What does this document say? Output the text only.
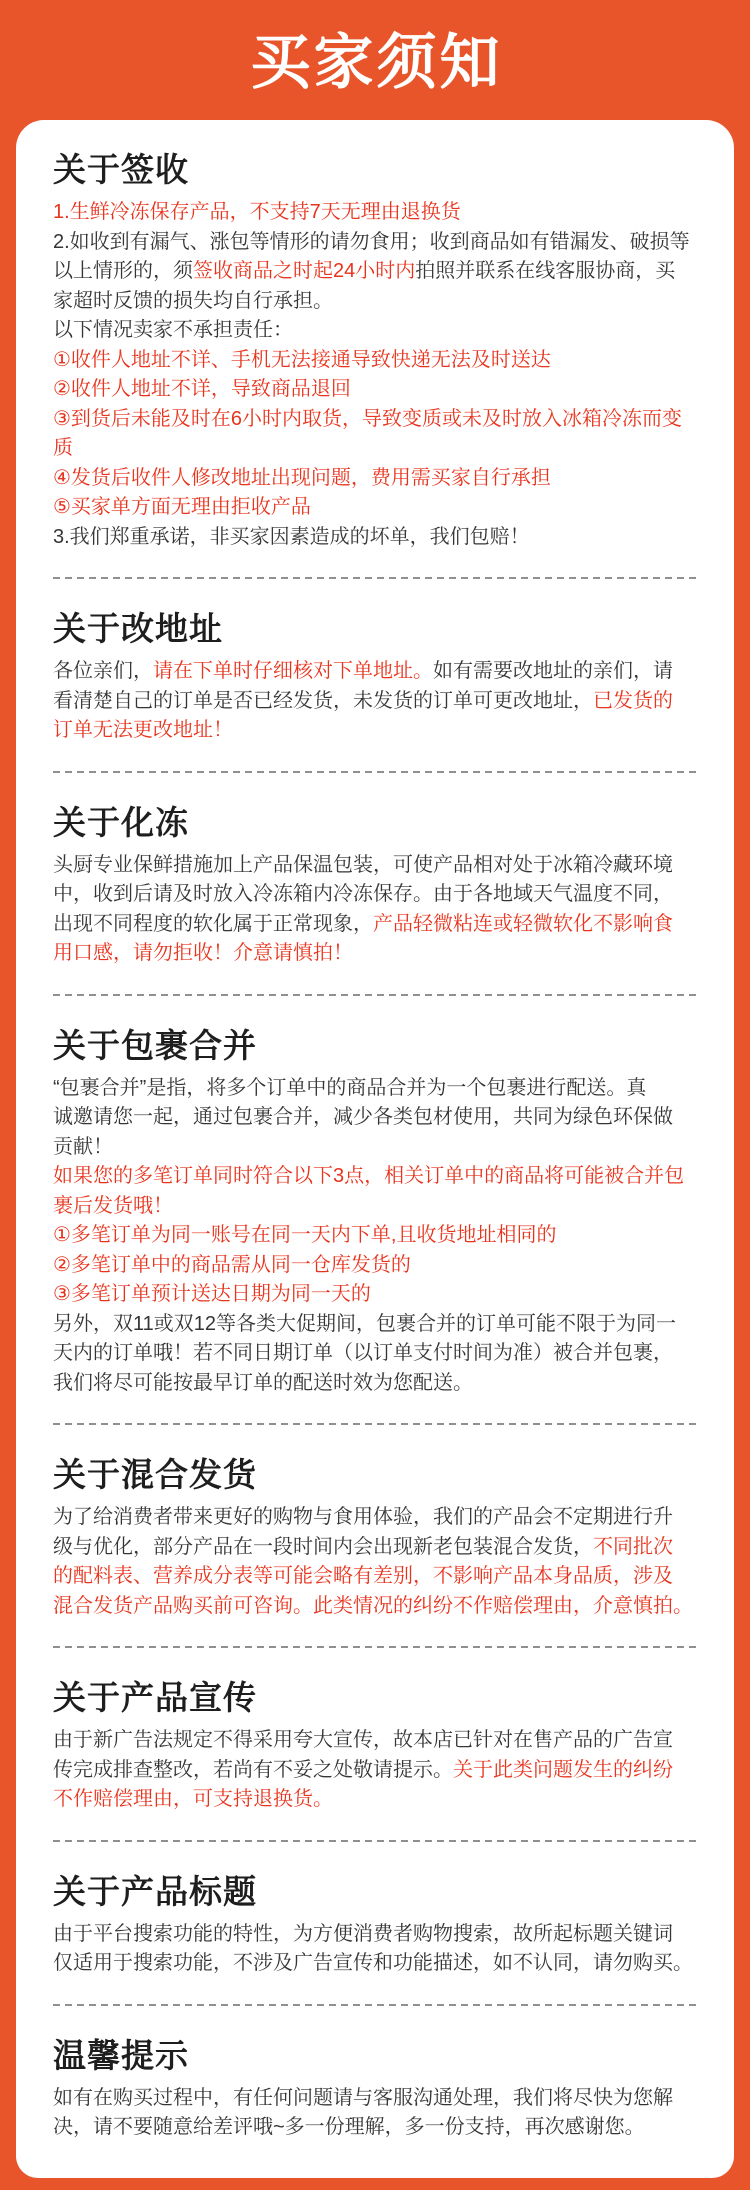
买家须知
关于签收
1.生鲜冷冻保存产品，不支持7天无理由退换货
2.如收到有漏气、涨包等情形的请勿食用；收到商品如有错漏发、破损等
以上情形的，须签收商品之时起24小时内拍照并联系在线客服协商，买
家超时反馈的损失均自行承担。
以下情况卖家不承担责任：
①收件人地址不详、手机无法接通导致快递无法及时送达
②收件人地址不详，导致商品退回
③到货后未能及时在6小时内取货，导致变质或未及时放入冰箱冷冻而变
质
④发货后收件人修改地址出现问题，费用需买家自行承担
⑤买家单方面无理由拒收产品
3.我们郑重承诺，非买家因素造成的坏单，我们包赔！
关于改地址
各位亲们，请在下单时仔细核对下单地址。如有需要改地址的亲们，请
看清楚自己的订单是否已经发货，未发货的订单可更改地址，已发货的
订单无法更改地址！
关于化冻
头厨专业保鲜措施加上产品保温包装，可使产品相对处于冰箱冷藏环境
中，收到后请及时放入冷冻箱内冷冻保存。由于各地域天气温度不同，
出现不同程度的软化属于正常现象，产品轻微粘连或轻微软化不影响食
用口感，请勿拒收！介意请慎拍！
关于包裹合并
“包裹合并”是指，将多个订单中的商品合并为一个包裹进行配送。真
诚邀请您一起，通过包裹合并，减少各类包材使用，共同为绿色环保做
贡献！
如果您的多笔订单同时符合以下3点，相关订单中的商品将可能被合并包
裹后发货哦！
①多笔订单为同一账号在同一天内下单,且收货地址相同的
②多笔订单中的商品需从同一仓库发货的
③多笔订单预计送达日期为同一天的
另外，双11或双12等各类大促期间，包裹合并的订单可能不限于为同一
天内的订单哦！若不同日期订单（以订单支付时间为准）被合并包裹，
我们将尽可能按最早订单的配送时效为您配送。
关于混合发货
为了给消费者带来更好的购物与食用体验，我们的产品会不定期进行升
级与优化，部分产品在一段时间内会出现新老包装混合发货，不同批次
的配料表、营养成分表等可能会略有差别，不影响产品本身品质，涉及
混合发货产品购买前可咨询。此类情况的纠纷不作赔偿理由，介意慎拍。
关于产品宣传
由于新广告法规定不得采用夸大宣传，故本店已针对在售产品的广告宣
传完成排查整改，若尚有不妥之处敬请提示。关于此类问题发生的纠纷
不作赔偿理由，可支持退换货。
关于产品标题
由于平台搜索功能的特性，为方便消费者购物搜索，故所起标题关键词
仅适用于搜索功能，不涉及广告宣传和功能描述，如不认同，请勿购买。
温馨提示
如有在购买过程中，有任何问题请与客服沟通处理，我们将尽快为您解
决，请不要随意给差评哦~多一份理解，多一份支持，再次感谢您。
